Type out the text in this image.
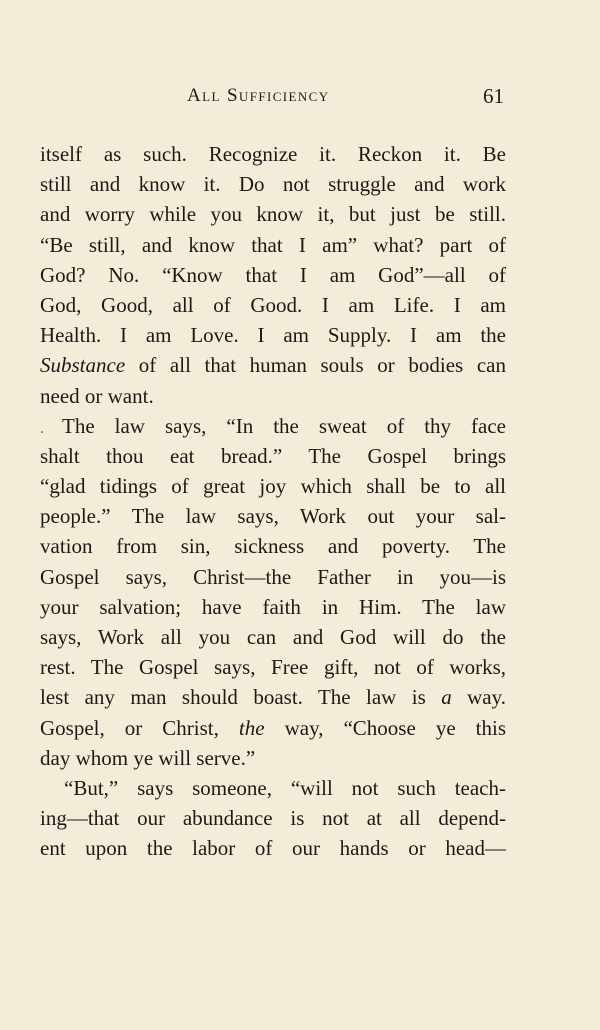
All Sufficiency	61
itself as such. Recognize it. Reckon it. Be
still and know it. Do not struggle and work
and worry while you know it, but just be still.
“Be still, and know that I am” what? part of
God? No. “Know that I am God”—all of
God, Good, all of Good. I am Life. I am
Health. I am Love. I am Supply. I am the
Substance of all that human souls or bodies can
need or want.
. The law says, “In the sweat of thy face
shalt thou eat bread.” The Gospel brings
“glad tidings of great joy which shall be to all
people.” The law says, Work out your sal-
vation from sin, sickness and poverty. The
Gospel says, Christ—the Father in you—is
your salvation; have faith in Him. The law
says, Work all you can and God will do the
rest. The Gospel says, Free gift, not of works,
lest any man should boast. The law is a way.
Gospel, or Christ, the way, “Choose ye this
day whom ye will serve.”
“But,” says someone, “will not such teach-
ing—that our abundance is not at all depend-
ent upon the labor of our hands or head—
